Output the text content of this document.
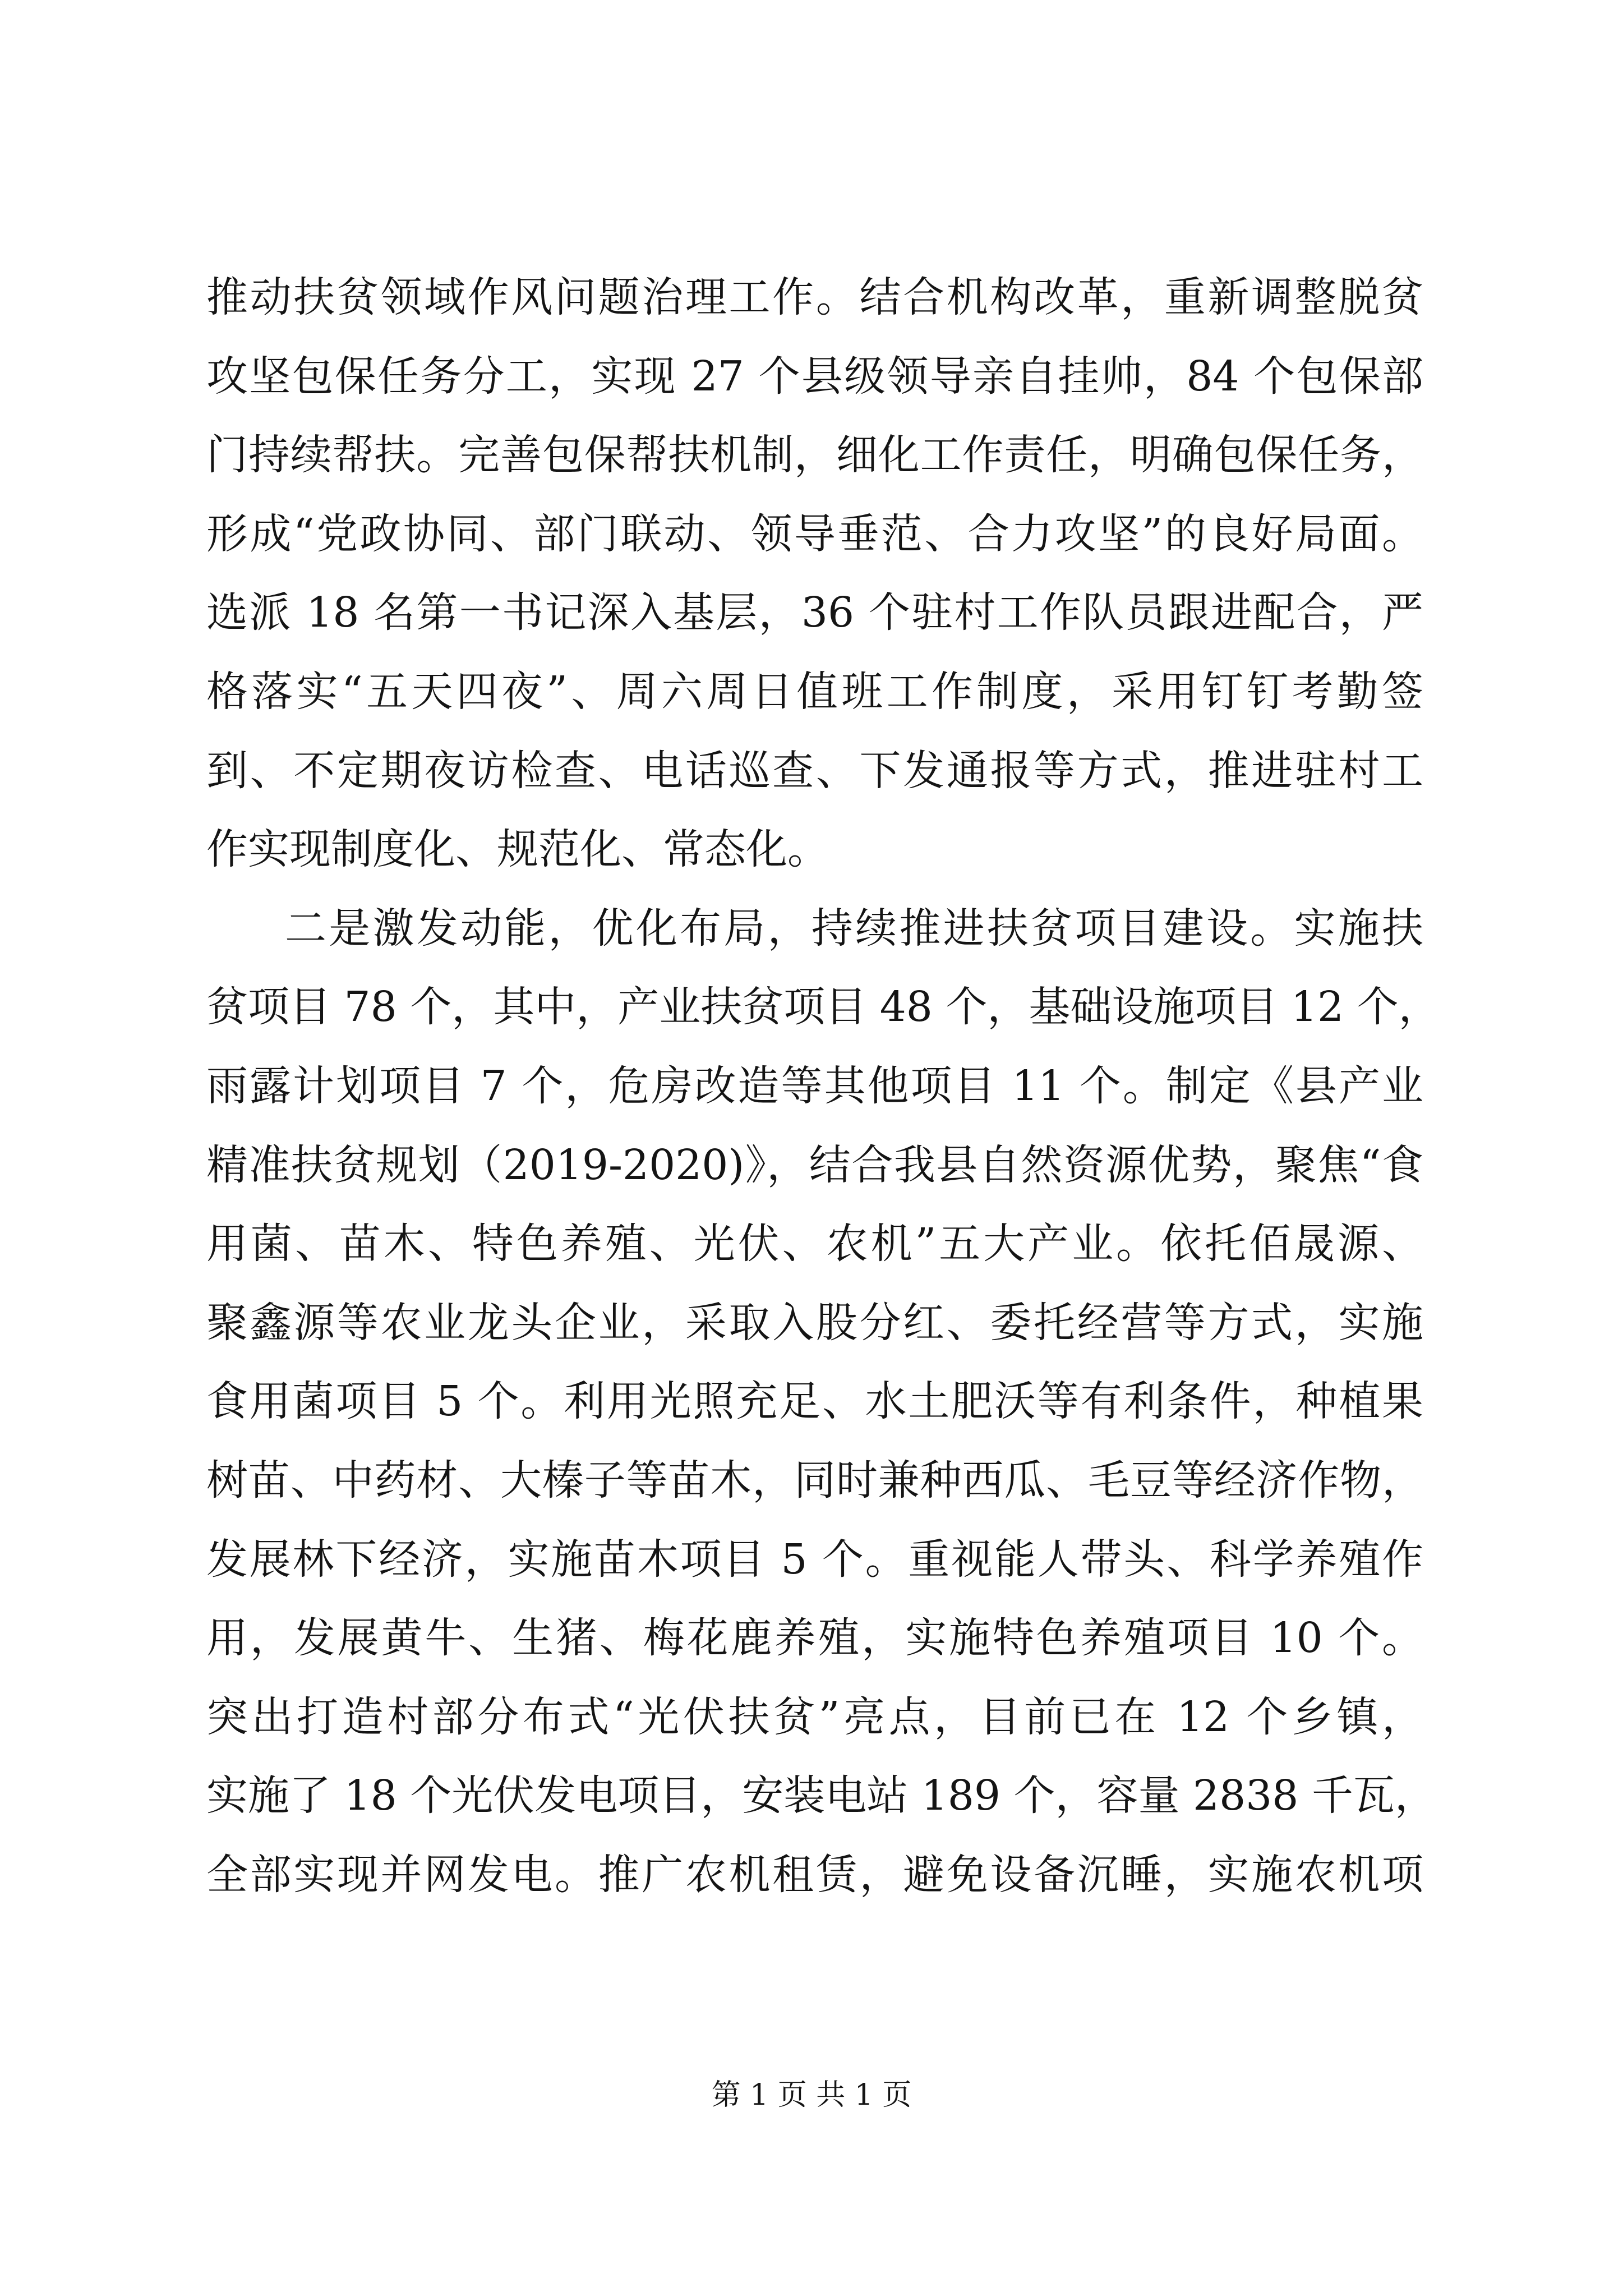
推动扶贫领域作风问题治理工作。结合机构改革，重新调整脱贫
攻坚包保任务分工，实现 27 个县级领导亲自挂帅，84 个包保部
门持续帮扶。完善包保帮扶机制，细化工作责任，明确包保任务，
形成“党政协同、部门联动、领导垂范、合力攻坚”的良好局面。
选派 18 名第一书记深入基层，36 个驻村工作队员跟进配合，严
格落实“五天四夜”、周六周日值班工作制度，采用钉钉考勤签
到、不定期夜访检查、电话巡查、下发通报等方式，推进驻村工
作实现制度化、规范化、常态化。
二是激发动能，优化布局，持续推进扶贫项目建设。实施扶
贫项目 78 个，其中，产业扶贫项目 48 个，基础设施项目 12 个，
雨露计划项目 7 个，危房改造等其他项目 11 个。制定《县产业
精准扶贫规划（2019-2020)》，结合我县自然资源优势，聚焦“食
用菌、苗木、特色养殖、光伏、农机”五大产业。依托佰晟源、
聚鑫源等农业龙头企业，采取入股分红、委托经营等方式，实施
食用菌项目 5 个。利用光照充足、水土肥沃等有利条件，种植果
树苗、中药材、大榛子等苗木，同时兼种西瓜、毛豆等经济作物，
发展林下经济，实施苗木项目 5 个。重视能人带头、科学养殖作
用，发展黄牛、生猪、梅花鹿养殖，实施特色养殖项目 10 个。
突出打造村部分布式“光伏扶贫”亮点，目前已在 12 个乡镇，
实施了 18 个光伏发电项目，安装电站 189 个，容量 2838 千瓦，
全部实现并网发电。推广农机租赁，避免设备沉睡，实施农机项
第 1 页 共 1 页
